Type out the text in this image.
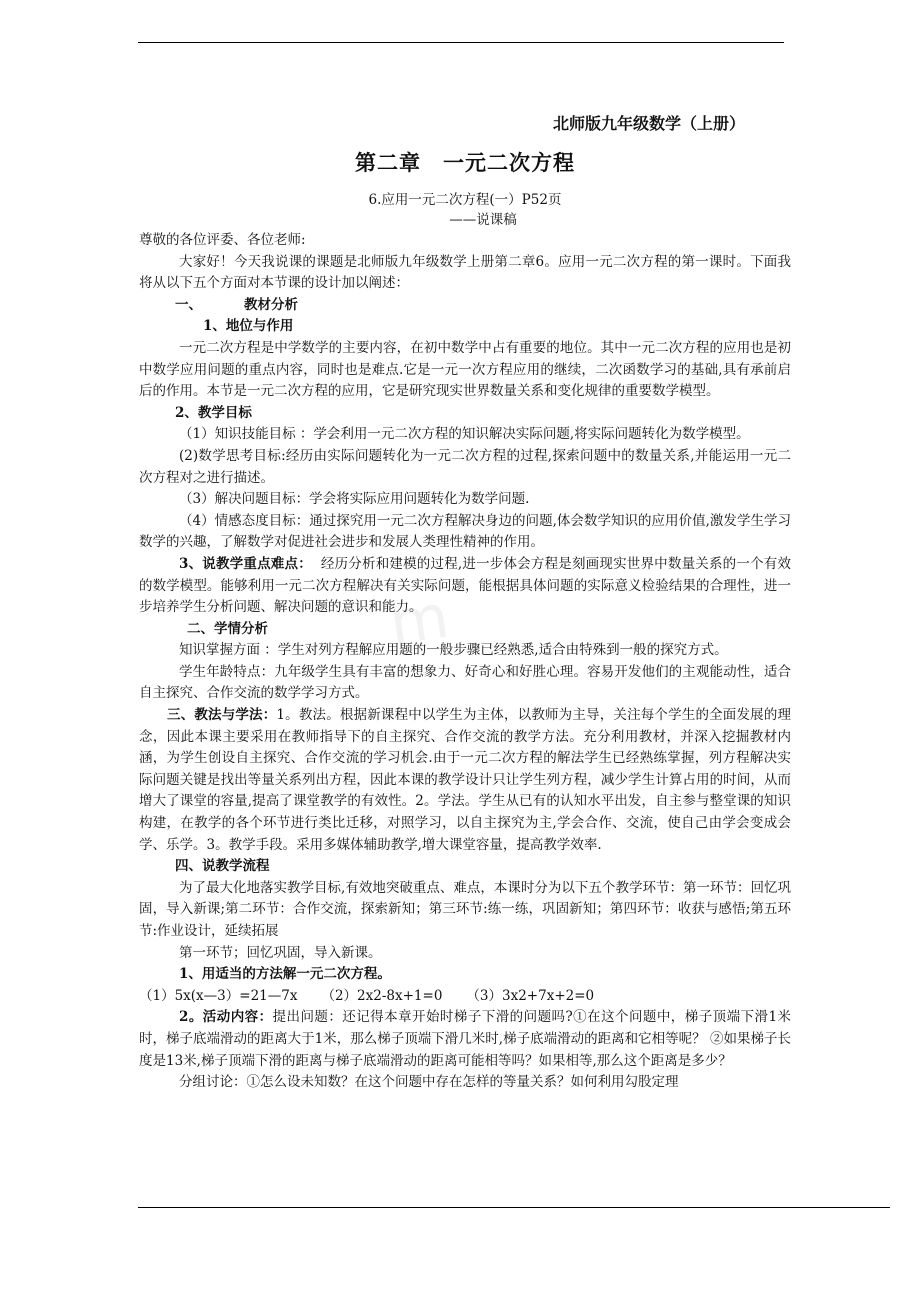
m
北师版九年级数学（上册）
第二章　一元二次方程
6.应用一元二次方程(一）P52页
——说课稿

尊敬的各位评委、各位老师:

大家好！今天我说课的课题是北师版九年级数学上册第二章6。应用一元二次方程的第一课时。下面我将从以下五个方面对本节课的设计加以阐述：

一、	教材分析

1、地位与作用

一元二次方程是中学数学的主要内容，在初中数学中占有重要的地位。其中一元二次方程的应用也是初中数学应用问题的重点内容，同时也是难点.它是一元一次方程应用的继续，二次函数学习的基础,具有承前启后的作用。本节是一元二次方程的应用，它是研究现实世界数量关系和变化规律的重要数学模型。

2、教学目标

（1）知识技能目标 ：学会利用一元二次方程的知识解决实际问题,将实际问题转化为数学模型。

(2)数学思考目标:经历由实际问题转化为一元二次方程的过程,探索问题中的数量关系,并能运用一元二次方程对之进行描述。

（3）解决问题目标：学会将实际应用问题转化为数学问题.

（4）情感态度目标：通过探究用一元二次方程解决身边的问题,体会数学知识的应用价值,激发学生学习数学的兴趣，了解数学对促进社会进步和发展人类理性精神的作用。

3、说教学重点难点： 经历分析和建模的过程,进一步体会方程是刻画现实世界中数量关系的一个有效的数学模型。能够利用一元二次方程解决有关实际问题，能根据具体问题的实际意义检验结果的合理性，进一步培养学生分析问题、解决问题的意识和能力。

二、学情分析

知识掌握方面 ：学生对列方程解应用题的一般步骤已经熟悉,适合由特殊到一般的探究方式。

学生年龄特点：九年级学生具有丰富的想象力、好奇心和好胜心理。容易开发他们的主观能动性，适合自主探究、合作交流的数学学习方式。

三、教法与学法：1。教法。根据新课程中以学生为主体，以教师为主导，关注每个学生的全面发展的理念，因此本课主要采用在教师指导下的自主探究、合作交流的教学方法。充分利用教材，并深入挖掘教材内涵，为学生创设自主探究、合作交流的学习机会.由于一元二次方程的解法学生已经熟练掌握，列方程解决实际问题关键是找出等量关系列出方程，因此本课的教学设计只让学生列方程，减少学生计算占用的时间，从而增大了课堂的容量,提高了课堂教学的有效性。2。学法。学生从已有的认知水平出发，自主参与整堂课的知识构建，在教学的各个环节进行类比迁移，对照学习，以自主探究为主,学会合作、交流，使自己由学会变成会学、乐学。3。教学手段。采用多媒体辅助教学,增大课堂容量，提高教学效率.

四、说教学流程

为了最大化地落实教学目标,有效地突破重点、难点，本课时分为以下五个教学环节：第一环节：回忆巩固，导入新课;第二环节：合作交流，探索新知；第三环节:练一练，巩固新知；第四环节：收获与感悟;第五环节:作业设计，延续拓展

第一环节；回忆巩固，导入新课。

1、用适当的方法解一元二次方程。

（1）5x(x—3）=21—7x （2）2x2-8x+1=0 （3）3x2+7x+2=0

2。活动内容：提出问题：还记得本章开始时梯子下滑的问题吗?①在这个问题中，梯子顶端下滑1米时，梯子底端滑动的距离大于1米，那么梯子顶端下滑几米时,梯子底端滑动的距离和它相等呢？ ②如果梯子长度是13米,梯子顶端下滑的距离与梯子底端滑动的距离可能相等吗？如果相等,那么这个距离是多少？

分组讨论：①怎么设未知数？在这个问题中存在怎样的等量关系？如何利用勾股定理
